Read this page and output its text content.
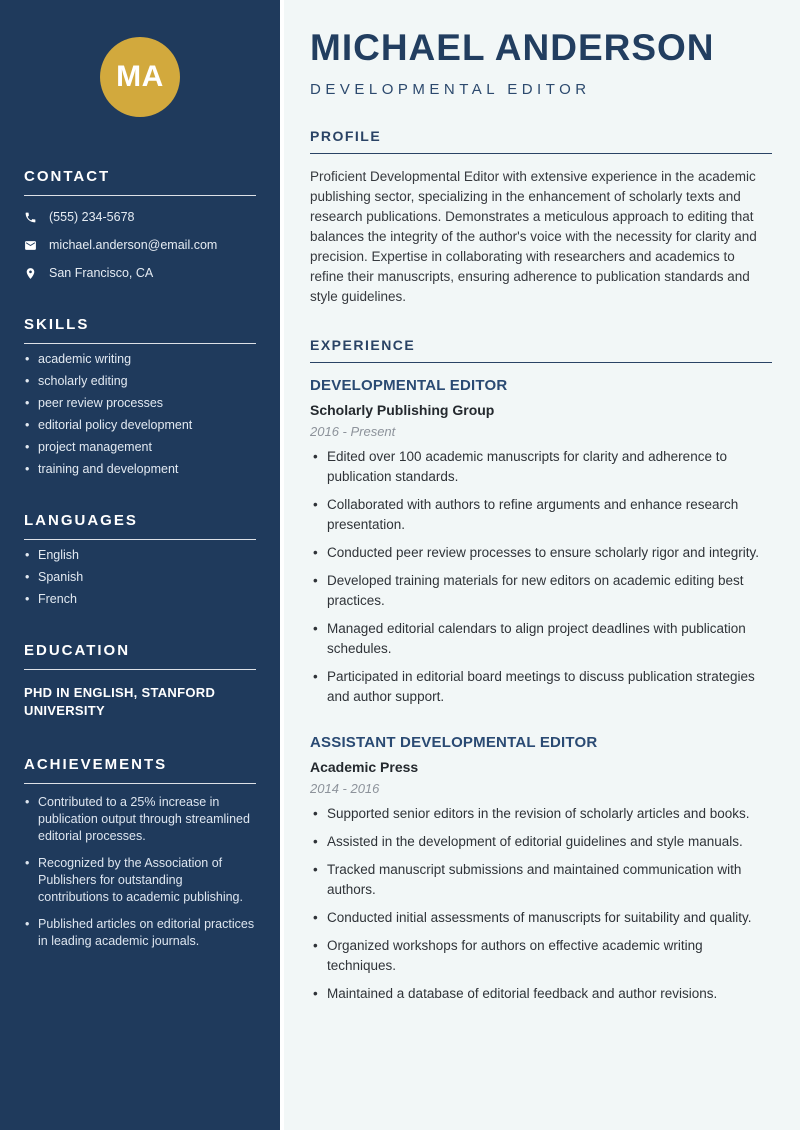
MA
CONTACT
(555) 234-5678
michael.anderson@email.com
San Francisco, CA
SKILLS
• academic writing
• scholarly editing
• peer review processes
• editorial policy development
• project management
• training and development
LANGUAGES
• English
• Spanish
• French
EDUCATION

PHD IN ENGLISH, STANFORD UNIVERSITY

ACHIEVEMENTS
• Contributed to a 25% increase in publication output through streamlined editorial processes.
• Recognized by the Association of Publishers for outstanding contributions to academic publishing.
• Published articles on editorial practices in leading academic journals.
MICHAEL ANDERSON
DEVELOPMENTAL EDITOR
PROFILE

Proficient Developmental Editor with extensive experience in the academic publishing sector, specializing in the enhancement of scholarly texts and research publications. Demonstrates a meticulous approach to editing that balances the integrity of the author's voice with the necessity for clarity and precision. Expertise in collaborating with researchers and academics to refine their manuscripts, ensuring adherence to publication standards and style guidelines.

EXPERIENCE
DEVELOPMENTAL EDITOR
Scholarly Publishing Group
2016 - Present
• Edited over 100 academic manuscripts for clarity and adherence to publication standards.
• Collaborated with authors to refine arguments and enhance research presentation.
• Conducted peer review processes to ensure scholarly rigor and integrity.
• Developed training materials for new editors on academic editing best practices.
• Managed editorial calendars to align project deadlines with publication schedules.
• Participated in editorial board meetings to discuss publication strategies and author support.
ASSISTANT DEVELOPMENTAL EDITOR
Academic Press
2014 - 2016
• Supported senior editors in the revision of scholarly articles and books.
• Assisted in the development of editorial guidelines and style manuals.
• Tracked manuscript submissions and maintained communication with authors.
• Conducted initial assessments of manuscripts for suitability and quality.
• Organized workshops for authors on effective academic writing techniques.
• Maintained a database of editorial feedback and author revisions.
